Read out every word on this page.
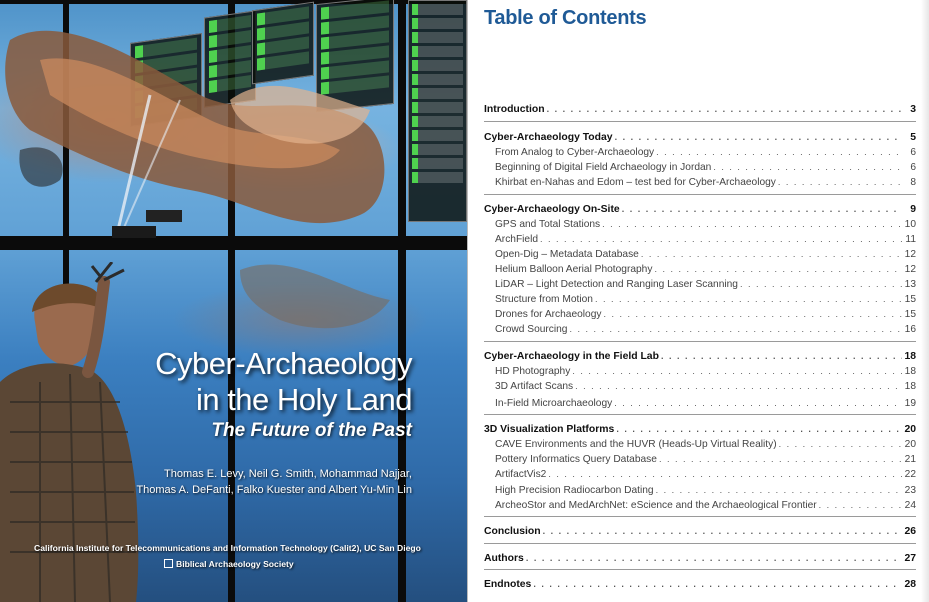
Cyber-Archaeology
in the Holy Land
The Future of the Past
Thomas E. Levy, Neil G. Smith, Mohammad Najjar,
Thomas A. DeFanti, Falko Kuester and Albert Yu-Min Lin
California Institute for Telecommunications and Information Technology (Calit2), UC San Diego
Biblical Archaeology Society
Table of Contents
Introduction . . .	3
Cyber-Archaeology Today . . .	5
From Analog to Cyber-Archaeology . . .	6
Beginning of Digital Field Archaeology in Jordan . . .	6
Khirbat en-Nahas and Edom – test bed for Cyber-Archaeology . . .	8
Cyber-Archaeology On-Site . . .	9
GPS and Total Stations . . .	10
ArchField . . .	11
Open-Dig – Metadata Database . . .	12
Helium Balloon Aerial Photography . . .	12
LiDAR – Light Detection and Ranging Laser Scanning . . .	13
Structure from Motion . . .	15
Drones for Archaeology . . .	15
Crowd Sourcing . . .	16
Cyber-Archaeology in the Field Lab . . .	18
HD Photography . . .	18
3D Artifact Scans . . .	18
In-Field Microarchaeology . . .	19
3D Visualization Platforms . . .	20
CAVE Environments and the HUVR (Heads-Up Virtual Reality) . . .	20
Pottery Informatics Query Database . . .	21
ArtifactVis2 . . .	22
High Precision Radiocarbon Dating . . .	23
ArcheoStor and MedArchNet: eScience and the Archaeological Frontier . . .	24
Conclusion . . .	26
Authors . . .	27
Endnotes . . .	28
